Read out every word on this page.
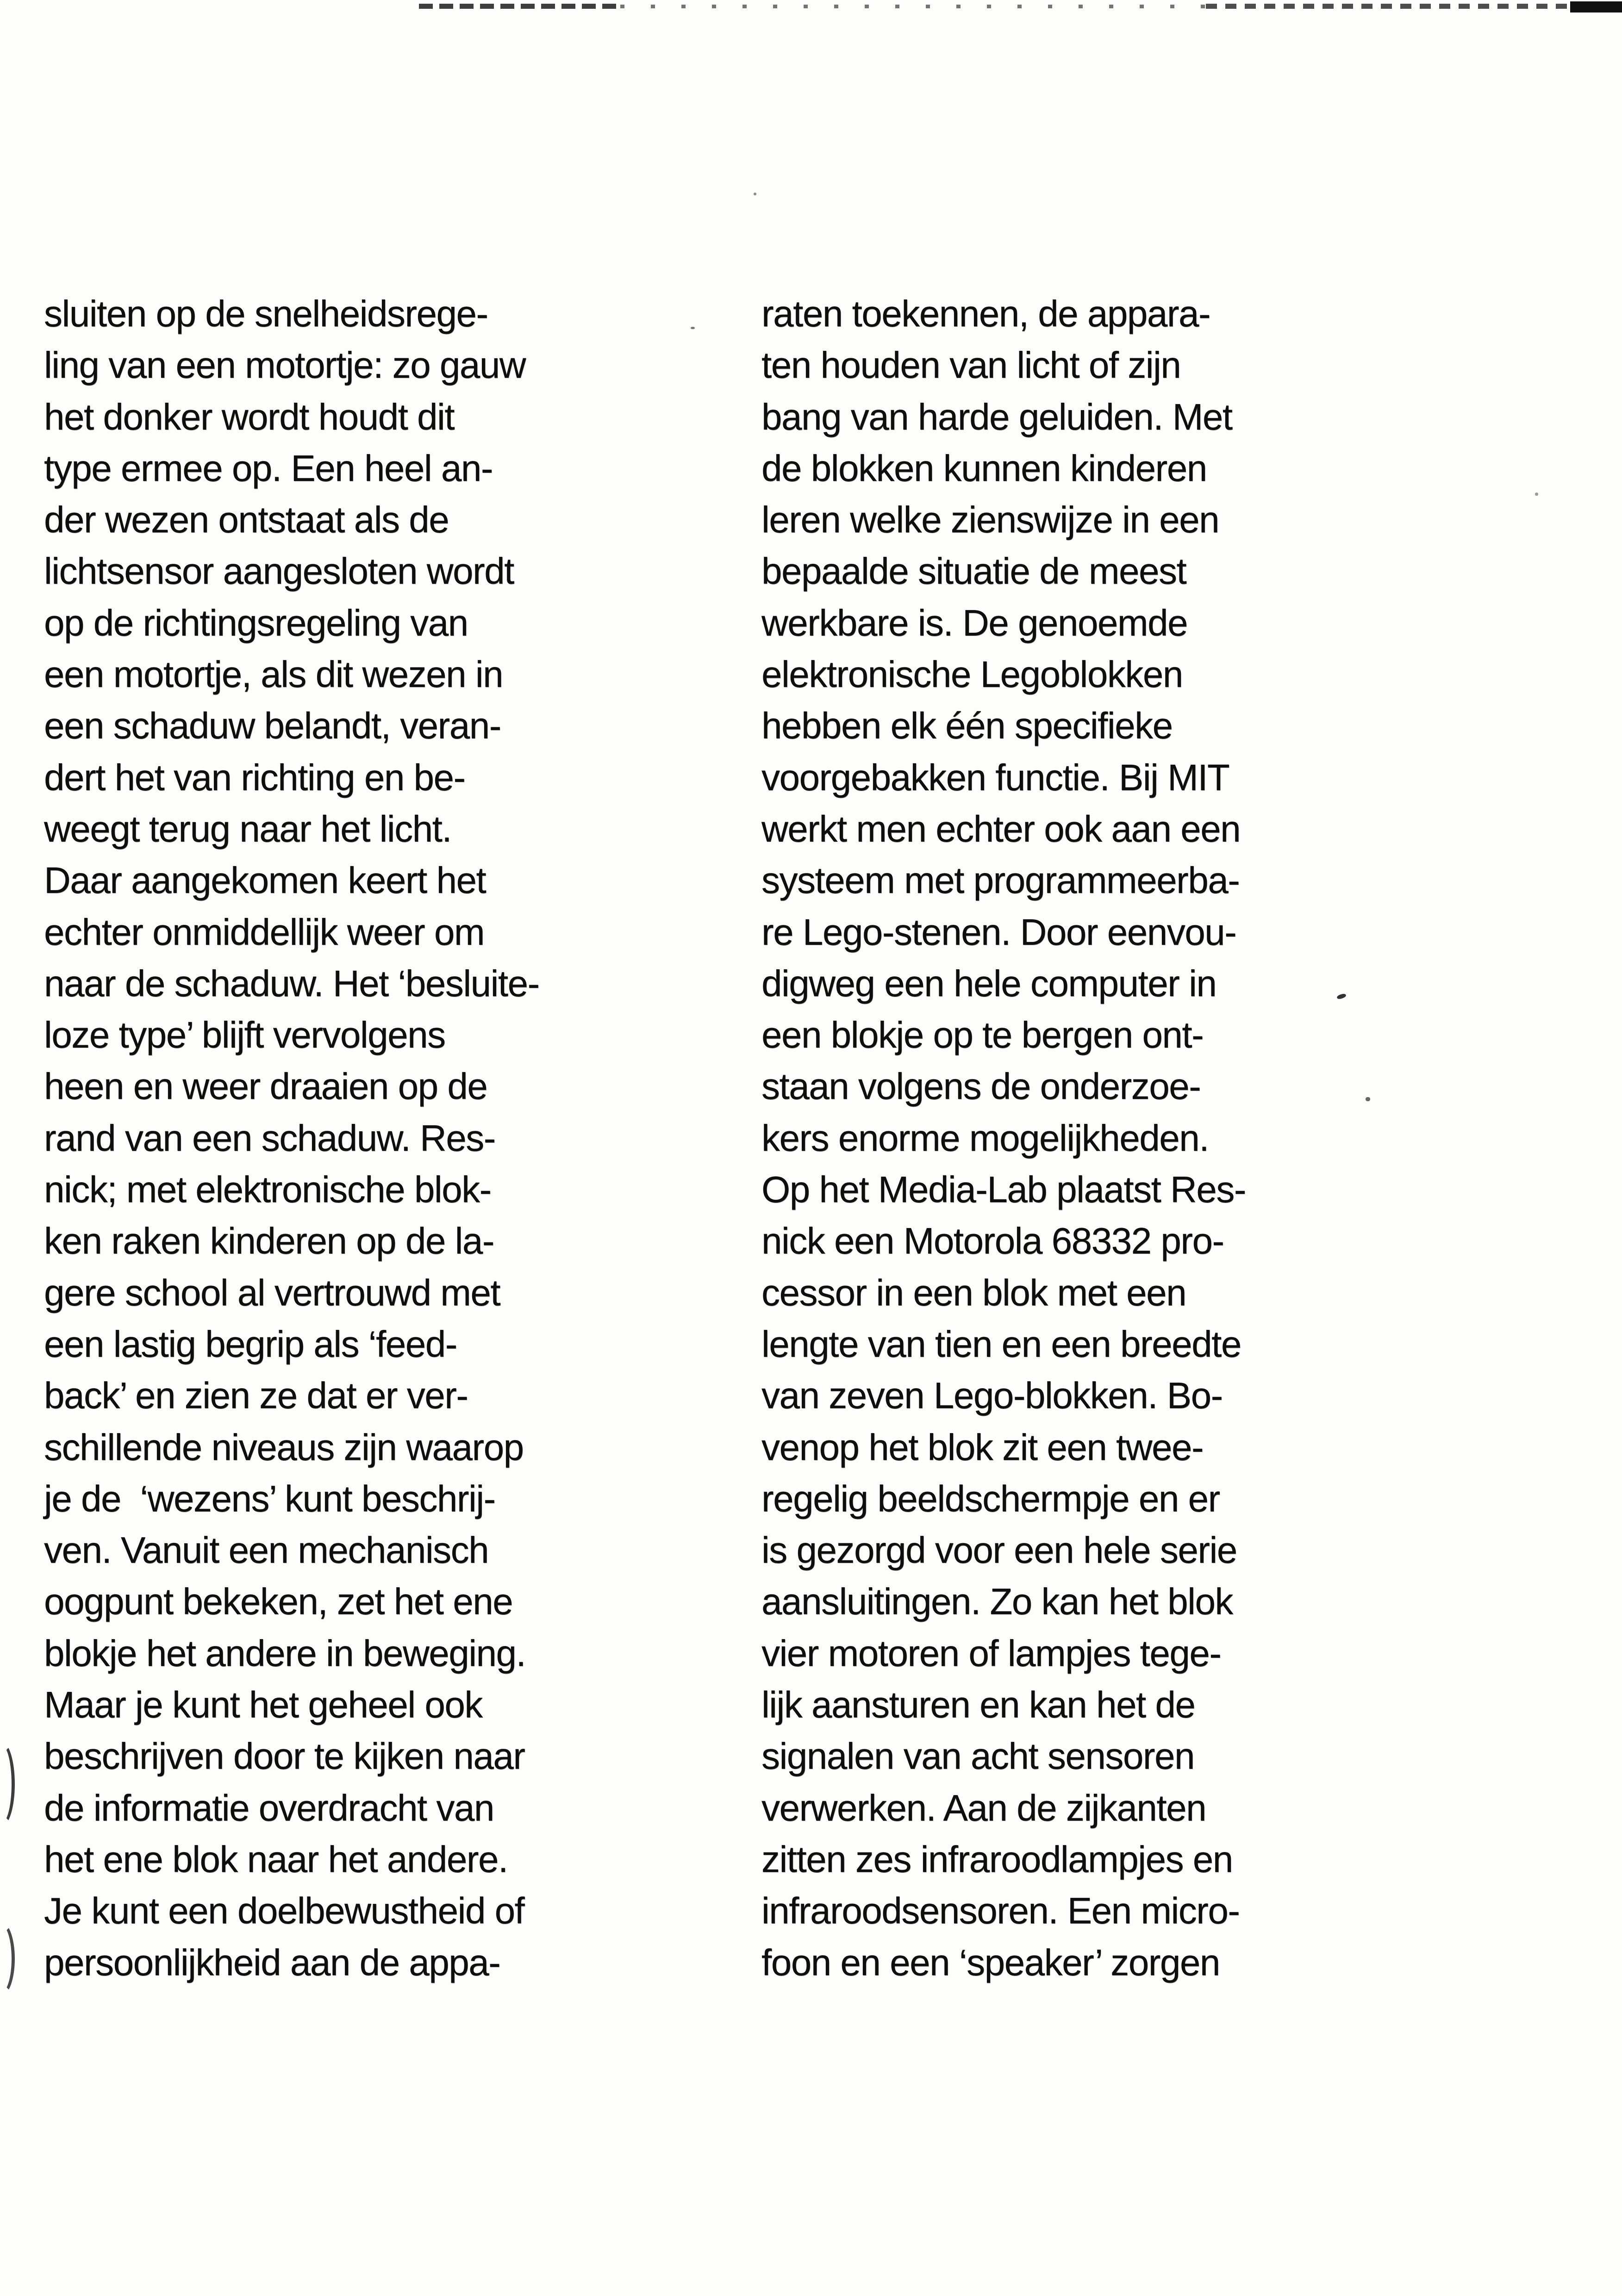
sluiten op de snelheidsrege-
ling van een motortje: zo gauw
het donker wordt houdt dit
type ermee op. Een heel an-
der wezen ontstaat als de
lichtsensor aangesloten wordt
op de richtingsregeling van
een motortje, als dit wezen in
een schaduw belandt, veran-
dert het van richting en be-
weegt terug naar het licht.
Daar aangekomen keert het
echter onmiddellijk weer om
naar de schaduw. Het ‘besluite-
loze type’ blijft vervolgens
heen en weer draaien op de
rand van een schaduw. Res-
nick; met elektronische blok-
ken raken kinderen op de la-
gere school al vertrouwd met
een lastig begrip als ‘feed-
back’ en zien ze dat er ver-
schillende niveaus zijn waarop
je de  ‘wezens’ kunt beschrij-
ven. Vanuit een mechanisch
oogpunt bekeken, zet het ene
blokje het andere in beweging.
Maar je kunt het geheel ook
beschrijven door te kijken naar
de informatie overdracht van
het ene blok naar het andere.
Je kunt een doelbewustheid of
persoonlijkheid aan de appa-
raten toekennen, de appara-
ten houden van licht of zijn
bang van harde geluiden. Met
de blokken kunnen kinderen
leren welke zienswijze in een
bepaalde situatie de meest
werkbare is. De genoemde
elektronische Legoblokken
hebben elk één specifieke
voorgebakken functie. Bij MIT
werkt men echter ook aan een
systeem met programmeerba-
re Lego-stenen. Door eenvou-
digweg een hele computer in
een blokje op te bergen ont-
staan volgens de onderzoe-
kers enorme mogelijkheden.
Op het Media-Lab plaatst Res-
nick een Motorola 68332 pro-
cessor in een blok met een
lengte van tien en een breedte
van zeven Lego-blokken. Bo-
venop het blok zit een twee-
regelig beeldschermpje en er
is gezorgd voor een hele serie
aansluitingen. Zo kan het blok
vier motoren of lampjes tege-
lijk aansturen en kan het de
signalen van acht sensoren
verwerken. Aan de zijkanten
zitten zes infraroodlampjes en
infraroodsensoren. Een micro-
foon en een ‘speaker’ zorgen
